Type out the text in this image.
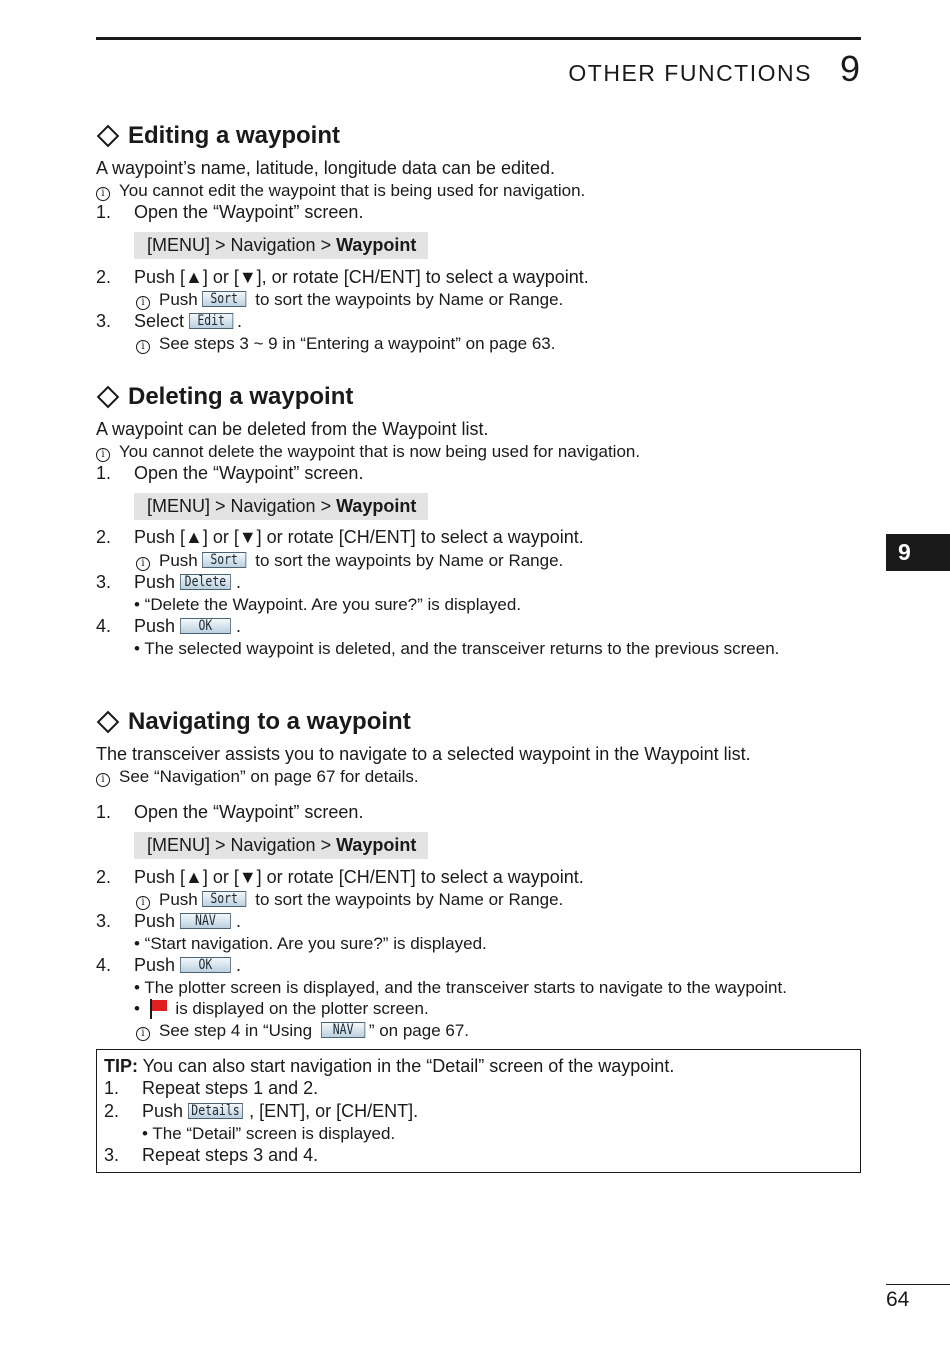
OTHER FUNCTIONS 9
9
Editing a waypoint
A waypoint’s name, latitude, longitude data can be edited.
i You cannot edit the waypoint that is being used for navigation.
1. Open the “Waypoint” screen.
[MENU] > Navigation > Waypoint
2. Push [▲] or [▼], or rotate [CH/ENT] to select a waypoint.
i Push Sort to sort the waypoints by Name or Range.
3. Select Edit .
i See steps 3 ~ 9 in “Entering a waypoint” on page 63.
Deleting a waypoint
A waypoint can be deleted from the Waypoint list.
i You cannot delete the waypoint that is now being used for navigation.
1. Open the “Waypoint” screen.
[MENU] > Navigation > Waypoint
2. Push [▲] or [▼] or rotate [CH/ENT] to select a waypoint.
i Push Sort to sort the waypoints by Name or Range.
3. Push Delete .
• “Delete the Waypoint. Are you sure?” is displayed.
4. Push OK .
• The selected waypoint is deleted, and the transceiver returns to the previous screen.
Navigating to a waypoint
The transceiver assists you to navigate to a selected waypoint in the Waypoint list.
i See “Navigation” on page 67 for details.
1. Open the “Waypoint” screen.
[MENU] > Navigation > Waypoint
2. Push [▲] or [▼] or rotate [CH/ENT] to select a waypoint.
i Push Sort to sort the waypoints by Name or Range.
3. Push NAV .
• “Start navigation. Are you sure?” is displayed.
4. Push OK .
• The plotter screen is displayed, and the transceiver starts to navigate to the waypoint.
• is displayed on the plotter screen.
i See step 4 in “Using NAV ” on page 67.
TIP: You can also start navigation in the “Detail” screen of the waypoint.
1. Repeat steps 1 and 2.
2. Push Details , [ENT], or [CH/ENT].
• The “Detail” screen is displayed.
3. Repeat steps 3 and 4.
64
